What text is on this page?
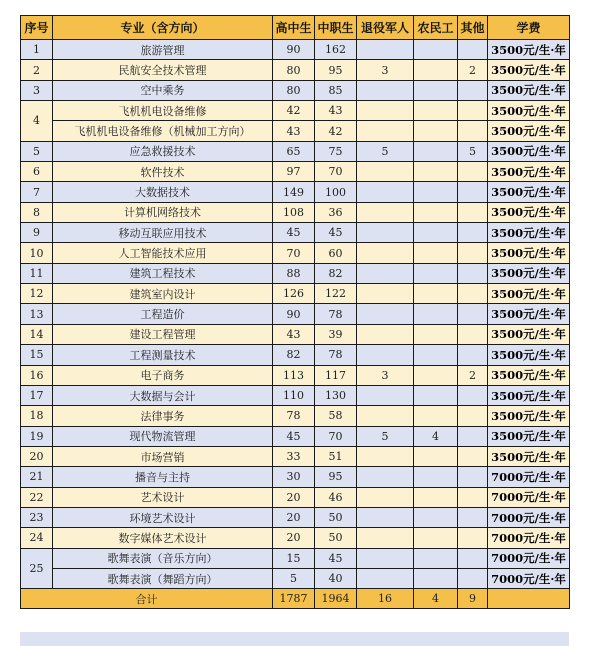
序号	专业（含方向）	高中生	中职生	退役军人	农民工	其他	学费
1	旅游管理	90	162				3500元/生·年
2	民航安全技术管理	80	95	3		2	3500元/生·年
3	空中乘务	80	85				3500元/生·年
4	飞机机电设备维修	42	43				3500元/生·年
	飞机机电设备维修（机械加工方向）	43	42				3500元/生·年
5	应急救援技术	65	75	5		5	3500元/生·年
6	软件技术	97	70				3500元/生·年
7	大数据技术	149	100				3500元/生·年
8	计算机网络技术	108	36				3500元/生·年
9	移动互联应用技术	45	45				3500元/生·年
10	人工智能技术应用	70	60				3500元/生·年
11	建筑工程技术	88	82				3500元/生·年
12	建筑室内设计	126	122				3500元/生·年
13	工程造价	90	78				3500元/生·年
14	建设工程管理	43	39				3500元/生·年
15	工程测量技术	82	78				3500元/生·年
16	电子商务	113	117	3		2	3500元/生·年
17	大数据与会计	110	130				3500元/生·年
18	法律事务	78	58				3500元/生·年
19	现代物流管理	45	70	5	4		3500元/生·年
20	市场营销	33	51				3500元/生·年
21	播音与主持	30	95				7000元/生·年
22	艺术设计	20	46				7000元/生·年
23	环境艺术设计	20	50				7000元/生·年
24	数字媒体艺术设计	20	50				7000元/生·年
25	歌舞表演（音乐方向）	15	45				7000元/生·年
	歌舞表演（舞蹈方向）	5	40				7000元/生·年
合计		1787	1964	16	4	9	
